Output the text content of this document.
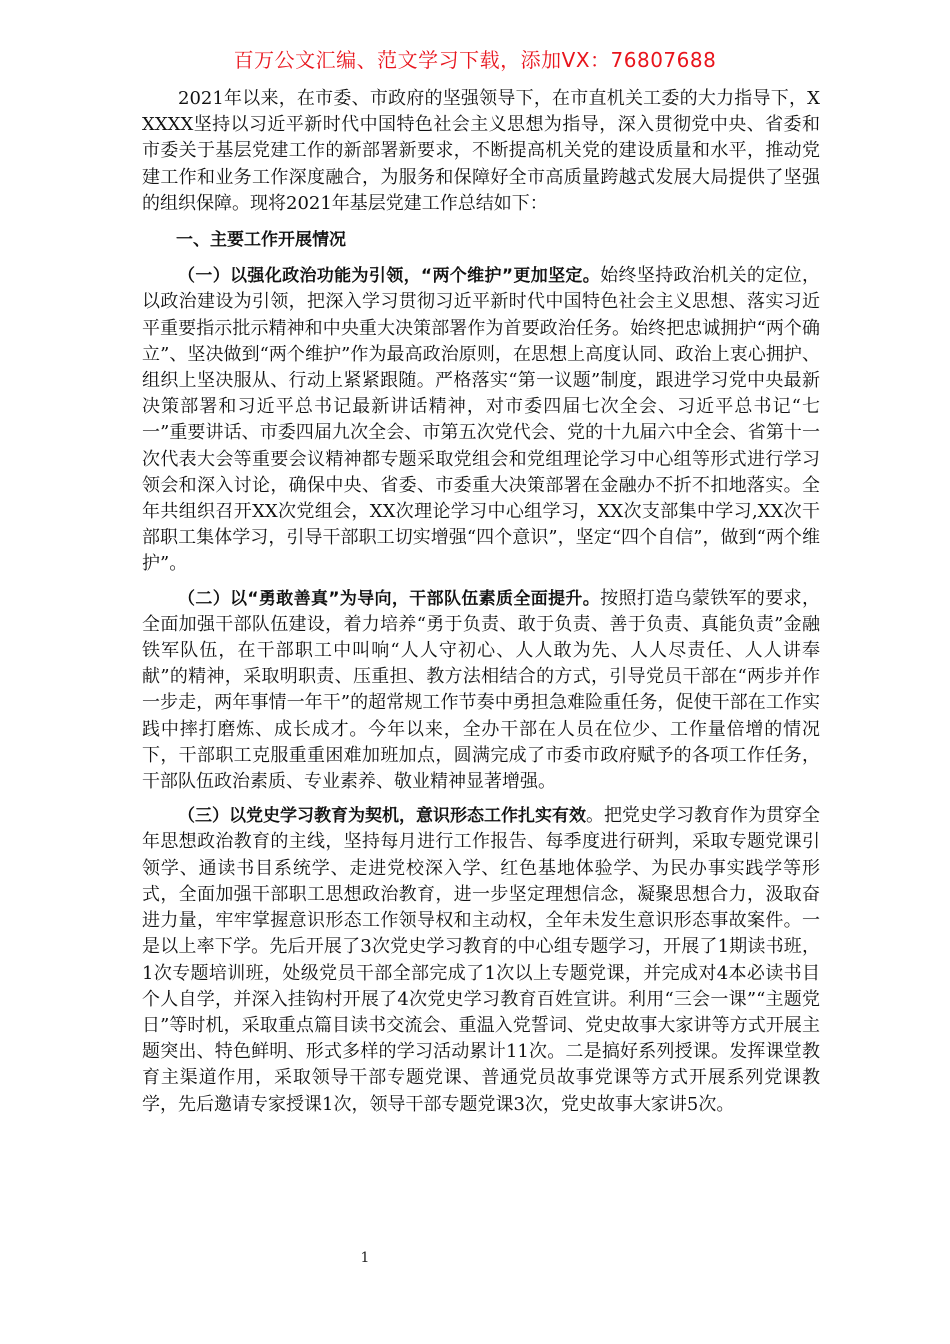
百万公文汇编、范文学习下载，添加VX：76807688

2021年以来，在市委、市政府的坚强领导下，在市直机关工委的大力指导下，XXXXX坚持以习近平新时代中国特色社会主义思想为指导，深入贯彻党中央、省委和市委关于基层党建工作的新部署新要求，不断提高机关党的建设质量和水平，推动党建工作和业务工作深度融合，为服务和保障好全市高质量跨越式发展大局提供了坚强的组织保障。现将2021年基层党建工作总结如下：

一、主要工作开展情况

（一）以强化政治功能为引领，“两个维护”更加坚定。始终坚持政治机关的定位，以政治建设为引领，把深入学习贯彻习近平新时代中国特色社会主义思想、落实习近平重要指示批示精神和中央重大决策部署作为首要政治任务。始终把忠诚拥护“两个确立”、坚决做到“两个维护”作为最高政治原则，在思想上高度认同、政治上衷心拥护、组织上坚决服从、行动上紧紧跟随。严格落实“第一议题”制度，跟进学习党中央最新决策部署和习近平总书记最新讲话精神，对市委四届七次全会、习近平总书记“七一”重要讲话、市委四届九次全会、市第五次党代会、党的十九届六中全会、省第十一次代表大会等重要会议精神都专题采取党组会和党组理论学习中心组等形式进行学习领会和深入讨论，确保中央、省委、市委重大决策部署在金融办不折不扣地落实。全年共组织召开XX次党组会，XX次理论学习中心组学习，XX次支部集中学习,XX次干部职工集体学习，引导干部职工切实增强“四个意识”，坚定“四个自信”，做到“两个维护”。

（二）以“勇敢善真”为导向，干部队伍素质全面提升。按照打造乌蒙铁军的要求，全面加强干部队伍建设，着力培养“勇于负责、敢于负责、善于负责、真能负责”金融铁军队伍，在干部职工中叫响“人人守初心、人人敢为先、人人尽责任、人人讲奉献”的精神，采取明职责、压重担、教方法相结合的方式，引导党员干部在“两步并作一步走，两年事情一年干”的超常规工作节奏中勇担急难险重任务，促使干部在工作实践中摔打磨炼、成长成才。今年以来，全办干部在人员在位少、工作量倍增的情况下，干部职工克服重重困难加班加点，圆满完成了市委市政府赋予的各项工作任务，干部队伍政治素质、专业素养、敬业精神显著增强。

（三）以党史学习教育为契机，意识形态工作扎实有效。把党史学习教育作为贯穿全年思想政治教育的主线，坚持每月进行工作报告、每季度进行研判，采取专题党课引领学、通读书目系统学、走进党校深入学、红色基地体验学、为民办事实践学等形式，全面加强干部职工思想政治教育，进一步坚定理想信念，凝聚思想合力，汲取奋进力量，牢牢掌握意识形态工作领导权和主动权，全年未发生意识形态事故案件。一是以上率下学。先后开展了3次党史学习教育的中心组专题学习，开展了1期读书班，1次专题培训班，处级党员干部全部完成了1次以上专题党课，并完成对4本必读书目个人自学，并深入挂钩村开展了4次党史学习教育百姓宣讲。利用“三会一课”“主题党日”等时机，采取重点篇目读书交流会、重温入党誓词、党史故事大家讲等方式开展主题突出、特色鲜明、形式多样的学习活动累计11次。二是搞好系列授课。发挥课堂教育主渠道作用，采取领导干部专题党课、普通党员故事党课等方式开展系列党课教学，先后邀请专家授课1次，领导干部专题党课3次，党史故事大家讲5次。

1
